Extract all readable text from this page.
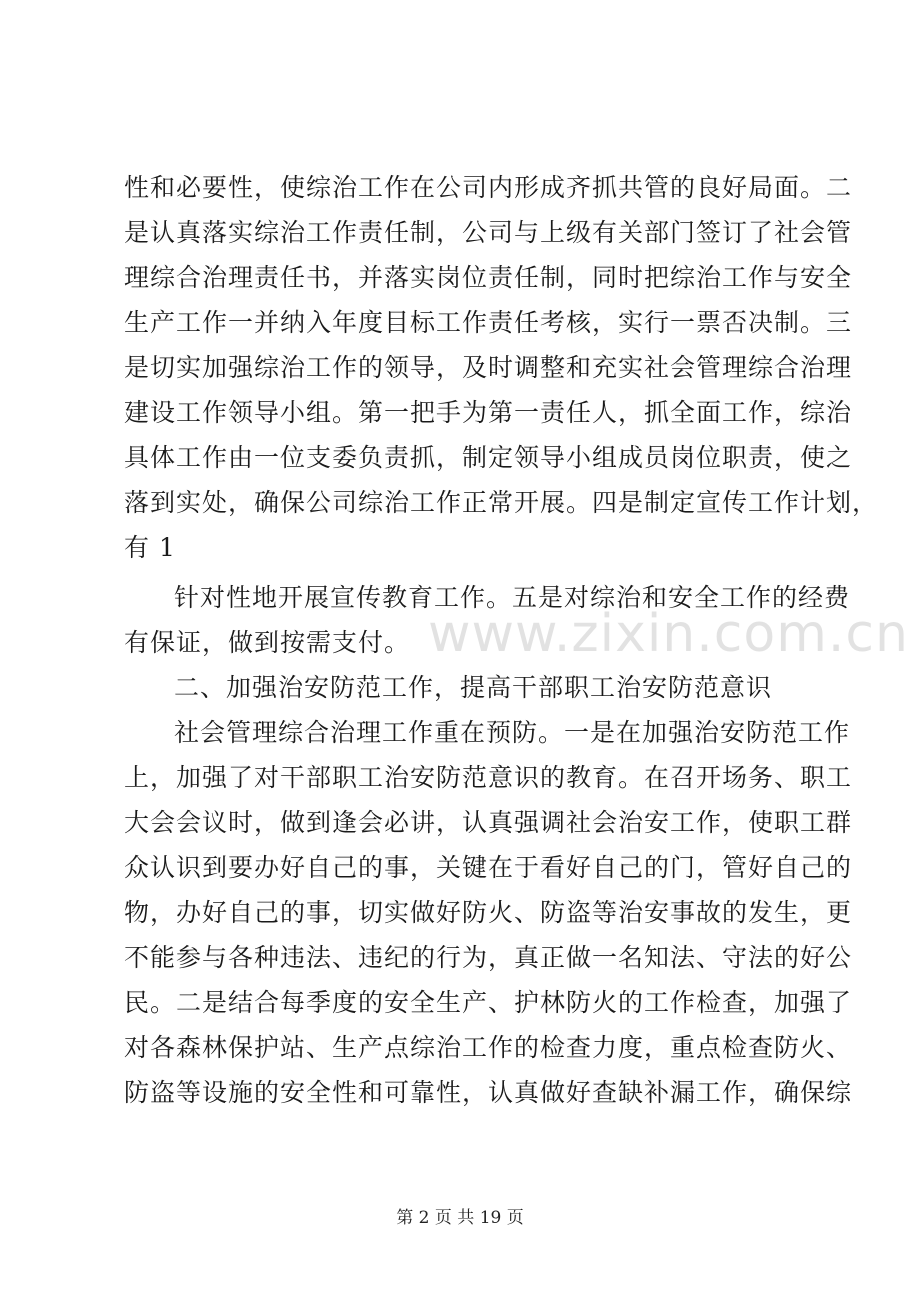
性和必要性，使综治工作在公司内形成齐抓共管的良好局面。二
是认真落实综治工作责任制，公司与上级有关部门签订了社会管
理综合治理责任书，并落实岗位责任制，同时把综治工作与安全
生产工作一并纳入年度目标工作责任考核，实行一票否决制。三
是切实加强综治工作的领导，及时调整和充实社会管理综合治理
建设工作领导小组。第一把手为第一责任人，抓全面工作，综治
具体工作由一位支委负责抓，制定领导小组成员岗位职责，使之
落到实处，确保公司综治工作正常开展。四是制定宣传工作计划，
有 1
针对性地开展宣传教育工作。五是对综治和安全工作的经费
有保证，做到按需支付。
二、加强治安防范工作，提高干部职工治安防范意识
社会管理综合治理工作重在预防。一是在加强治安防范工作
上，加强了对干部职工治安防范意识的教育。在召开场务、职工
大会会议时，做到逢会必讲，认真强调社会治安工作，使职工群
众认识到要办好自己的事，关键在于看好自己的门，管好自己的
物，办好自己的事，切实做好防火、防盗等治安事故的发生，更
不能参与各种违法、违纪的行为，真正做一名知法、守法的好公
民。二是结合每季度的安全生产、护林防火的工作检查，加强了
对各森林保护站、生产点综治工作的检查力度，重点检查防火、
防盗等设施的安全性和可靠性，认真做好查缺补漏工作，确保综
www.zixin.com.cn
第 2 页 共 19 页
